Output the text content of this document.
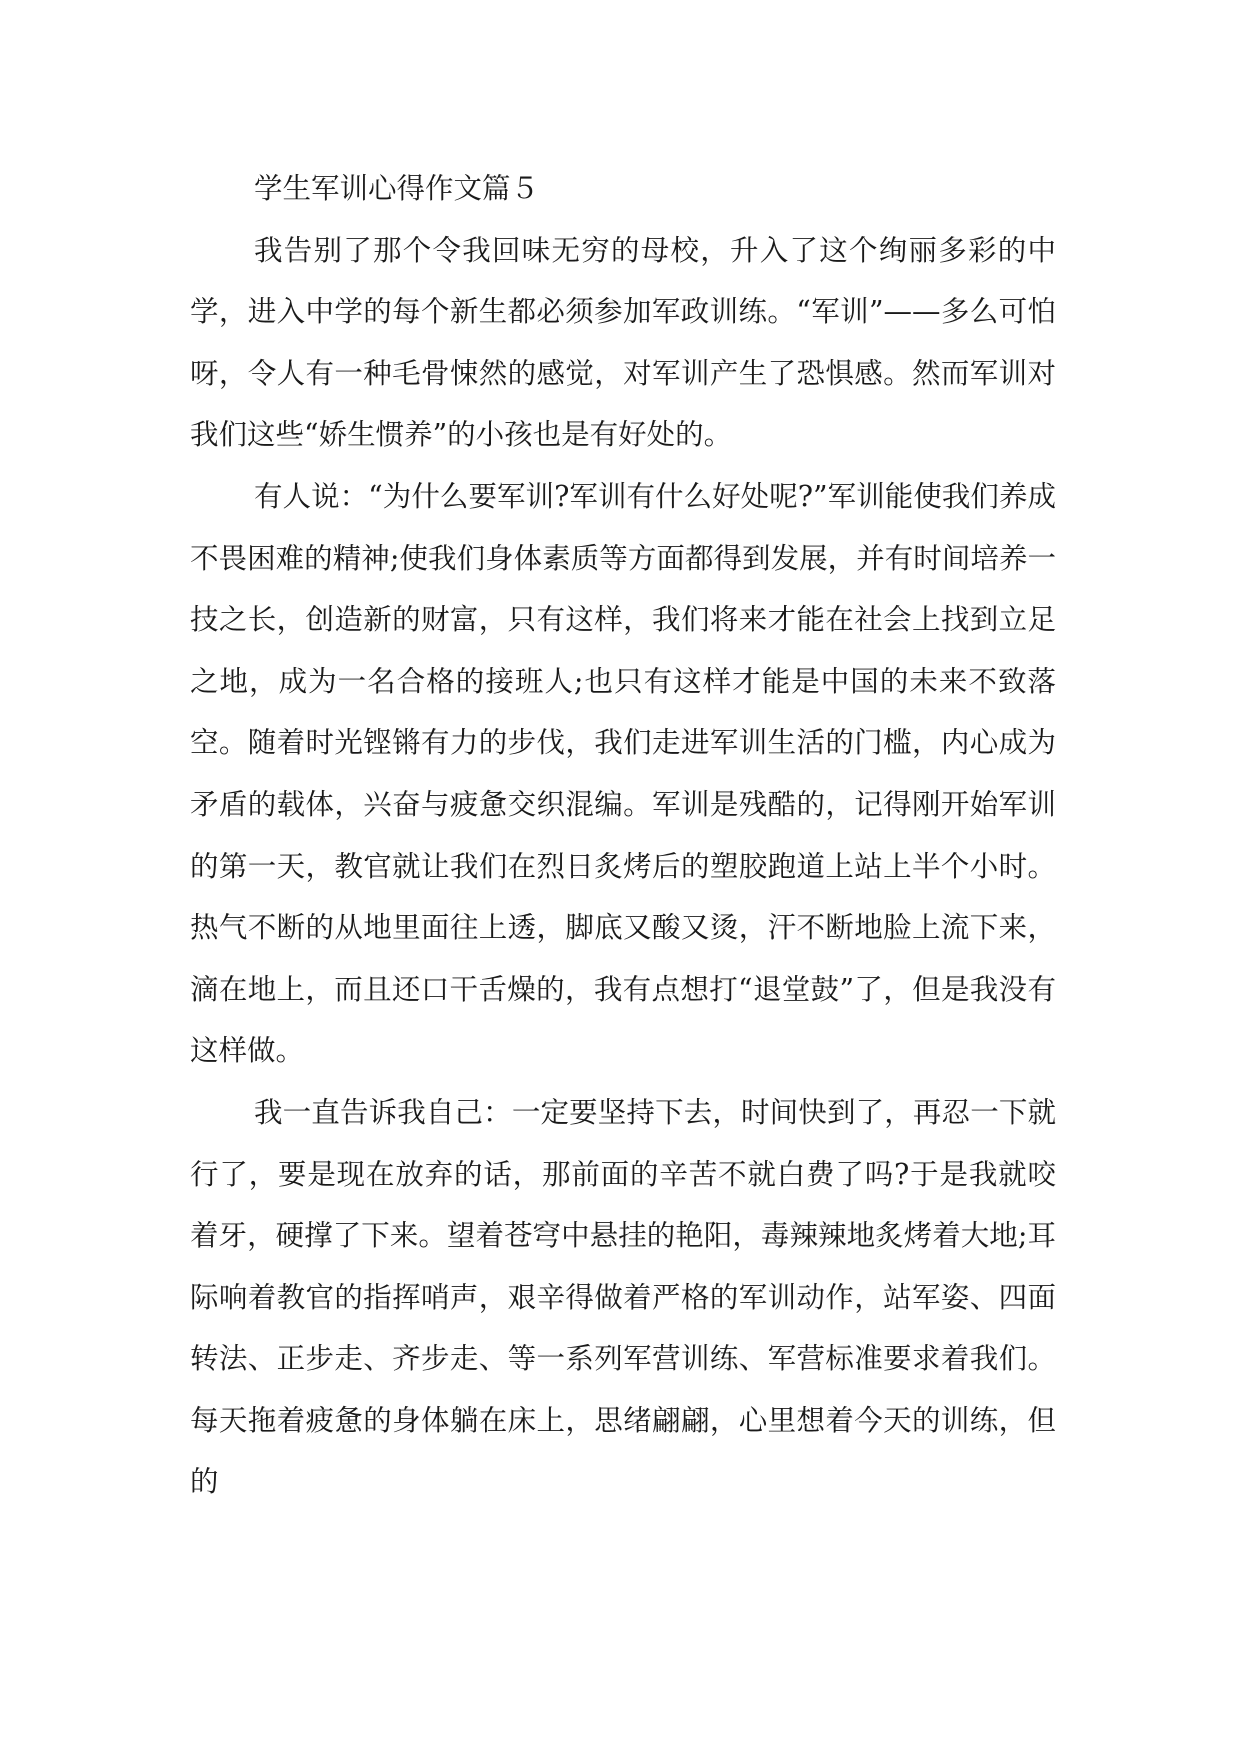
学生军训心得作文篇５

我告别了那个令我回味无穷的母校，升入了这个绚丽多彩的中学，进入中学的每个新生都必须参加军政训练。“军训”——多么可怕呀，令人有一种毛骨悚然的感觉，对军训产生了恐惧感。然而军训对我们这些“娇生惯养”的小孩也是有好处的。

有人说：“为什么要军训?军训有什么好处呢?”军训能使我们养成不畏困难的精神;使我们身体素质等方面都得到发展，并有时间培养一技之长，创造新的财富，只有这样，我们将来才能在社会上找到立足之地，成为一名合格的接班人;也只有这样才能是中国的未来不致落空。随着时光铿锵有力的步伐，我们走进军训生活的门槛，内心成为矛盾的载体，兴奋与疲惫交织混编。军训是残酷的，记得刚开始军训的第一天，教官就让我们在烈日炙烤后的塑胶跑道上站上半个小时。热气不断的从地里面往上透，脚底又酸又烫，汗不断地脸上流下来，滴在地上，而且还口干舌燥的，我有点想打“退堂鼓”了，但是我没有这样做。

我一直告诉我自己：一定要坚持下去，时间快到了，再忍一下就行了，要是现在放弃的话，那前面的辛苦不就白费了吗?于是我就咬着牙，硬撑了下来。望着苍穹中悬挂的艳阳，毒辣辣地炙烤着大地;耳际响着教官的指挥哨声，艰辛得做着严格的军训动作，站军姿、四面转法、正步走、齐步走、等一系列军营训练、军营标准要求着我们。每天拖着疲惫的身体躺在床上，思绪翩翩，心里想着今天的训练，但的
